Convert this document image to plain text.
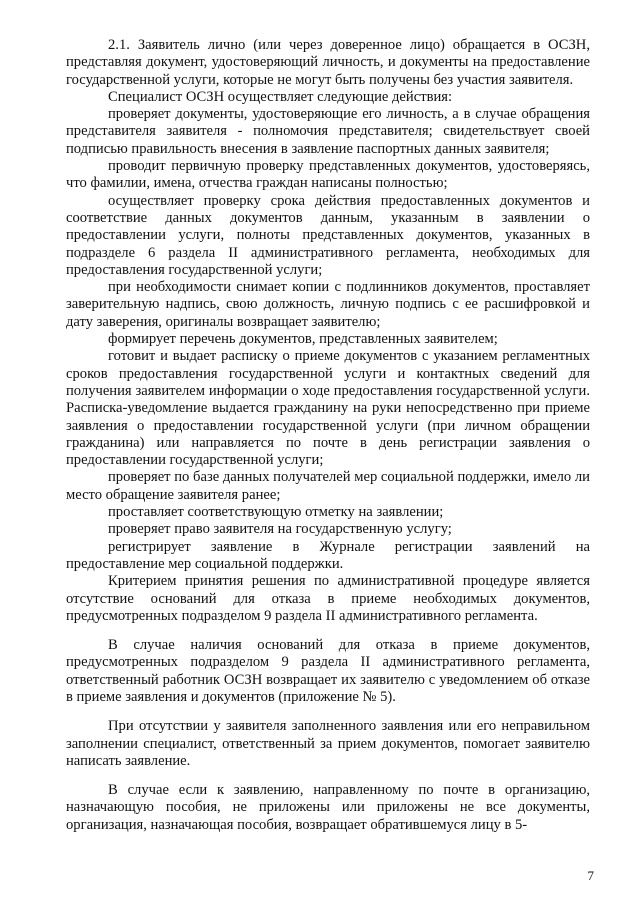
2.1. Заявитель лично (или через доверенное лицо) обращается в ОСЗН, представляя документ, удостоверяющий личность, и документы на предоставление государственной услуги, которые не могут быть получены без участия заявителя.

Специалист ОСЗН осуществляет следующие действия:

проверяет документы, удостоверяющие его личность, а в случае обращения представителя заявителя - полномочия представителя; свидетельствует своей подписью правильность внесения в заявление паспортных данных заявителя;

проводит первичную проверку представленных документов, удостоверяясь, что фамилии, имена, отчества граждан написаны полностью;

осуществляет проверку срока действия предоставленных документов и соответствие данных документов данным, указанным в заявлении о предоставлении услуги, полноты представленных документов, указанных в подразделе 6 раздела II административного регламента, необходимых для предоставления государственной услуги;

при необходимости снимает копии с подлинников документов, проставляет заверительную надпись, свою должность, личную подпись с ее расшифровкой и дату заверения, оригиналы возвращает заявителю;

формирует перечень документов, представленных заявителем;

готовит и выдает расписку о приеме документов с указанием регламентных сроков предоставления государственной услуги и контактных сведений для получения заявителем информации о ходе предоставления государственной услуги. Расписка-уведомление выдается гражданину на руки непосредственно при приеме заявления о предоставлении государственной услуги (при личном обращении гражданина) или направляется по почте в день регистрации заявления о предоставлении государственной услуги;

проверяет по базе данных получателей мер социальной поддержки, имело ли место обращение заявителя ранее;

проставляет соответствующую отметку на заявлении;

проверяет право заявителя на государственную услугу;

регистрирует заявление в Журнале регистрации заявлений на предоставление мер социальной поддержки.

Критерием принятия решения по административной процедуре является отсутствие оснований для отказа в приеме необходимых документов, предусмотренных подразделом 9 раздела II административного регламента.

В случае наличия оснований для отказа в приеме документов, предусмотренных подразделом 9 раздела II административного регламента, ответственный работник ОСЗН возвращает их заявителю с уведомлением об отказе в приеме заявления и документов (приложение № 5).

При отсутствии у заявителя заполненного заявления или его неправильном заполнении специалист, ответственный за прием документов, помогает заявителю написать заявление.

В случае если к заявлению, направленному по почте в организацию, назначающую пособия, не приложены или приложены не все документы, организация, назначающая пособия, возвращает обратившемуся лицу в 5-

7
